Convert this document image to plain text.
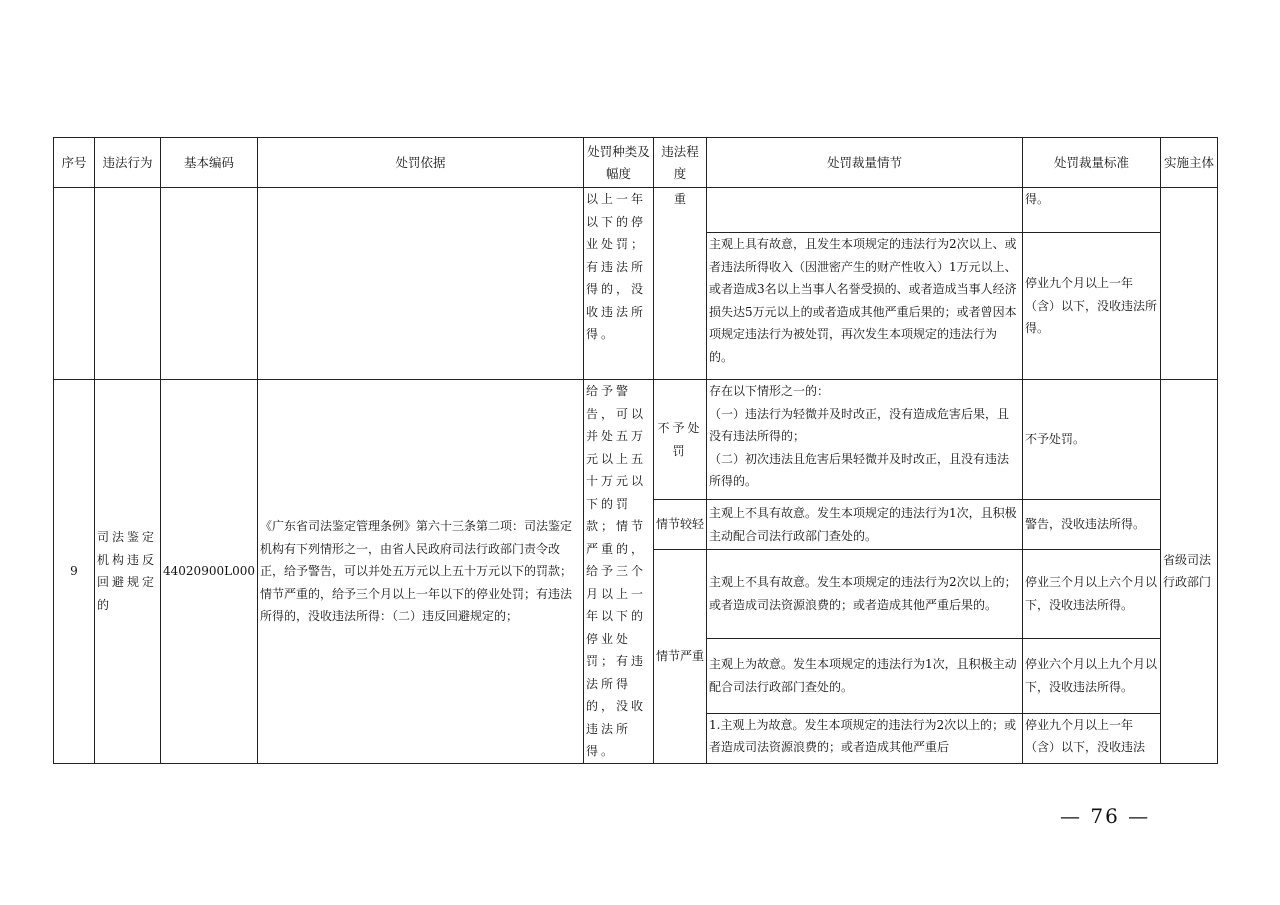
序号	违法行为	基本编码	处罚依据	处罚种类及幅度	违法程度	处罚裁量情节	处罚裁量标准	实施主体
				以上一年以下的停业处罚；有违法所得的，没收违法所得。	重		得。	
						主观上具有故意，且发生本项规定的违法行为2次以上、或者违法所得收入（因泄密产生的财产性收入）1万元以上、或者造成3名以上当事人名誉受损的、或者造成当事人经济损失达5万元以上的或者造成其他严重后果的；或者曾因本项规定违法行为被处罚，再次发生本项规定的违法行为的。	停业九个月以上一年（含）以下，没收违法所得。	
9	司法鉴定机构违反回避规定的	44020900L000	《广东省司法鉴定管理条例》第六十三条第二项：司法鉴定机构有下列情形之一，由省人民政府司法行政部门责令改正，给予警告，可以并处五万元以上五十万元以下的罚款；情节严重的，给予三个月以上一年以下的停业处罚；有违法所得的，没收违法所得：（二）违反回避规定的；	给予警告，可以并处五万元以上五十万元以下的罚款；情节严重的，给予三个月以上一年以下的停业处罚；有违法所得的，没收违法所得。	不予处罚	存在以下情形之一的：
（一）违法行为轻微并及时改正，没有造成危害后果，且没有违法所得的；
（二）初次违法且危害后果轻微并及时改正，且没有违法所得的。	不予处罚。	省级司法行政部门
					情节较轻	主观上不具有故意。发生本项规定的违法行为1次，且积极主动配合司法行政部门查处的。	警告，没收违法所得。	
					情节严重	主观上不具有故意。发生本项规定的违法行为2次以上的；或者造成司法资源浪费的；或者造成其他严重后果的。	停业三个月以上六个月以下，没收违法所得。	
						主观上为故意。发生本项规定的违法行为1次，且积极主动配合司法行政部门查处的。	停业六个月以上九个月以下，没收违法所得。	
						1.主观上为故意。发生本项规定的违法行为2次以上的；或者造成司法资源浪费的；或者造成其他严重后	停业九个月以上一年（含）以下，没收违法	
— 76 —
